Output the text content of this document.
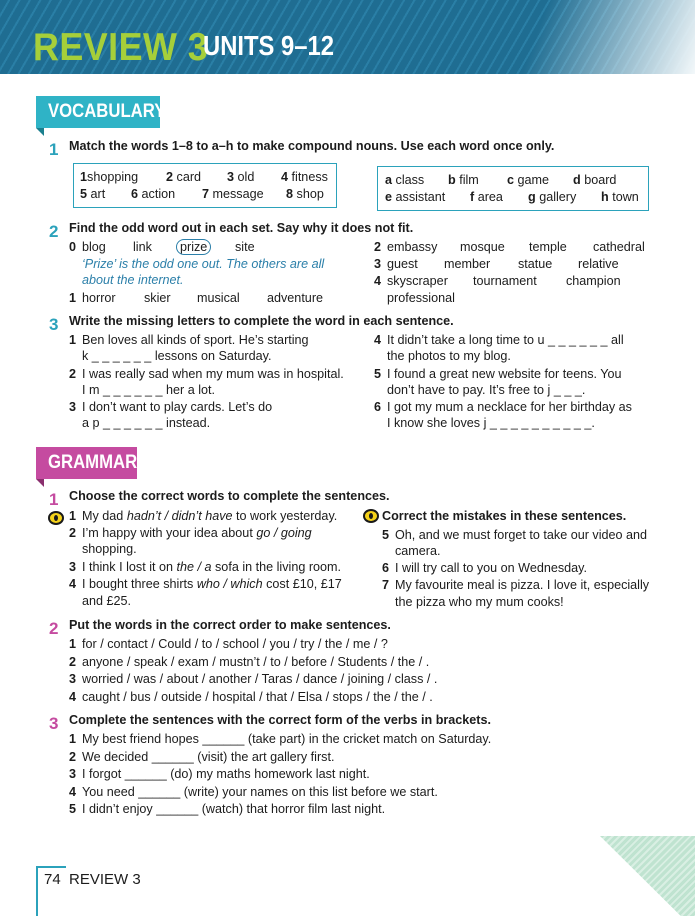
REVIEW 3
UNITS 9–12
VOCABULARY
1 Match the words 1–8 to a–h to make compound nouns. Use each word once only.
1shopping 2 card 3 old 4 fitness
5 art 6 action 7 message 8 shop
a class b film c game d board
e assistant f area g gallery h town
2 Find the odd word out in each set. Say why it does not fit.
0 blog link	prize	site
‘Prize’ is the odd one out. The others are all
about the internet.
1 horror skier musical adventure
2 embassy mosque temple cathedral
3 guest member statue relative
4 skyscraper tournament champion
professional
3 Write the missing letters to complete the word in each sentence.
1 Ben loves all kinds of sport. He’s starting
k _ _ _ _ _ _ lessons on Saturday.
2 I was really sad when my mum was in hospital.
I m _ _ _ _ _ _ her a lot.
3 I don’t want to play cards. Let’s do
a p _ _ _ _ _ _ instead.
4 It didn’t take a long time to u _ _ _ _ _ _ all
the photos to my blog.
5 I found a great new website for teens. You
don’t have to pay. It’s free to j _ _ _.
6 I got my mum a necklace for her birthday as
I know she loves j _ _ _ _ _ _ _ _ _ _.
GRAMMAR
1 Choose the correct words to complete the sentences.
1 My dad hadn’t / didn’t have to work yesterday.
2 I’m happy with your idea about go / going
shopping.
3 I think I lost it on the / a sofa in the living room.
4 I bought three shirts who / which cost £10, £17
and £25.
Correct the mistakes in these sentences.
5 Oh, and we must forget to take our video and
camera.
6 I will try call to you on Wednesday.
7 My favourite meal is pizza. I love it, especially
the pizza who my mum cooks!
2 Put the words in the correct order to make sentences.
1 for / contact / Could / to / school / you / try / the / me / ?
2 anyone / speak / exam / mustn’t / to / before / Students / the / .
3 worried / was / about / another / Taras / dance / joining / class / .
4 caught / bus / outside / hospital / that / Elsa / stops / the / the / .
3 Complete the sentences with the correct form of the verbs in brackets.
1 My best friend hopes ______ (take part) in the cricket match on Saturday.
2 We decided ______ (visit) the art gallery first.
3 I forgot ______ (do) my maths homework last night.
4 You need ______ (write) your names on this list before we start.
5 I didn’t enjoy ______ (watch) that horror film last night.
74 REVIEW 3
